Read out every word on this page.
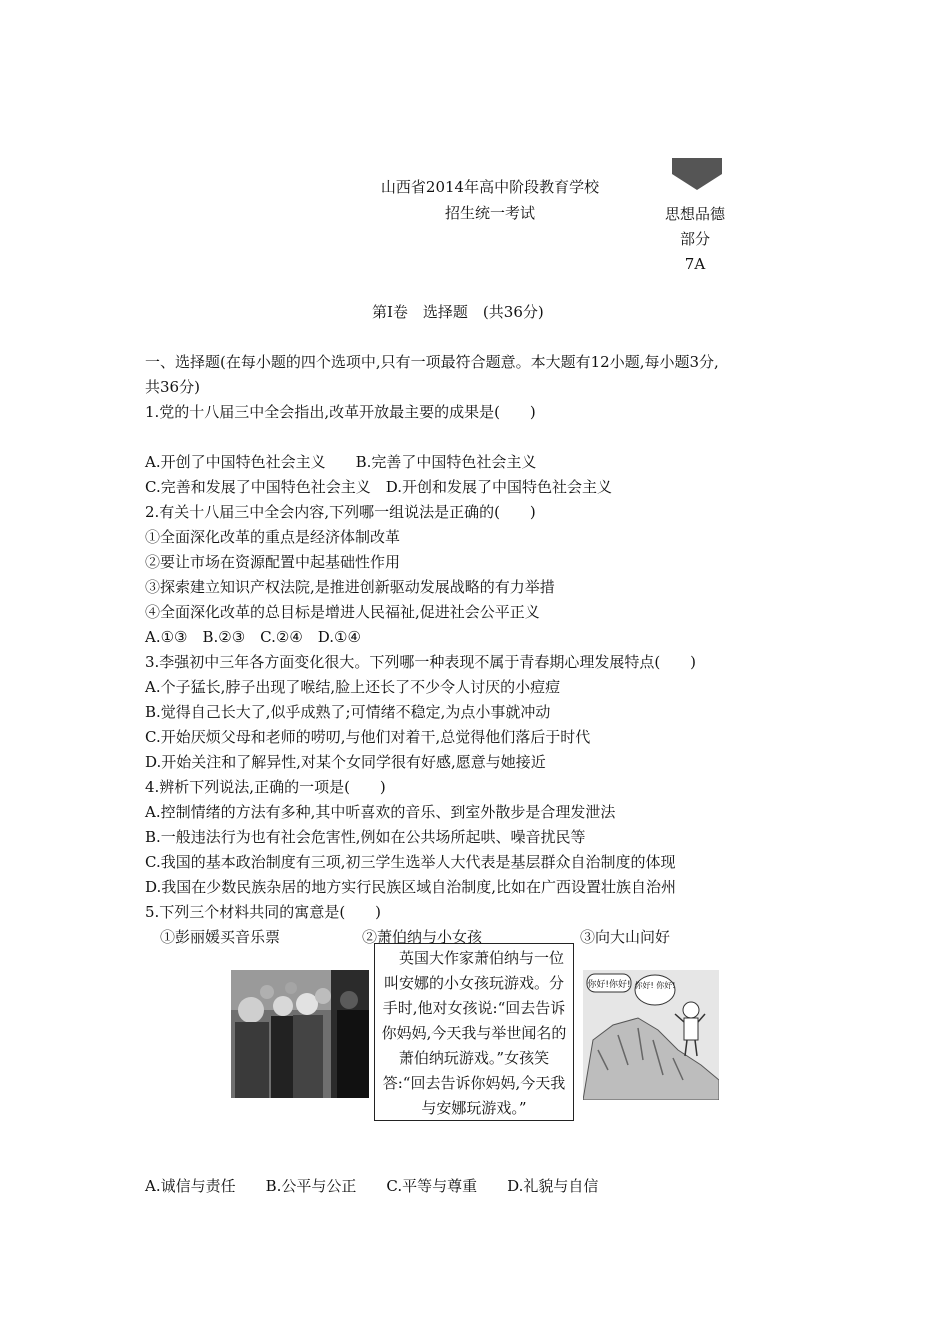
山西省2014年高中阶段教育学校
招生统一考试	思想品德
部分
7A
第Ⅰ卷　选择题　(共36分)
一、选择题(在每小题的四个选项中,只有一项最符合题意。本大题有12小题,每小题3分,
共36分)
1.党的十八届三中全会指出,改革开放最主要的成果是(　　)
A.开创了中国特色社会主义　　B.完善了中国特色社会主义
C.完善和发展了中国特色社会主义　D.开创和发展了中国特色社会主义
2.有关十八届三中全会内容,下列哪一组说法是正确的(　　)
①全面深化改革的重点是经济体制改革
②要让市场在资源配置中起基础性作用
③探索建立知识产权法院,是推进创新驱动发展战略的有力举措
④全面深化改革的总目标是增进人民福祉,促进社会公平正义
A.①③　B.②③　C.②④　D.①④
3.李强初中三年各方面变化很大。下列哪一种表现不属于青春期心理发展特点(　　)
A.个子猛长,脖子出现了喉结,脸上还长了不少令人讨厌的小痘痘
B.觉得自己长大了,似乎成熟了;可情绪不稳定,为点小事就冲动
C.开始厌烦父母和老师的唠叨,与他们对着干,总觉得他们落后于时代
D.开始关注和了解异性,对某个女同学很有好感,愿意与她接近
4.辨析下列说法,正确的一项是(　　)
A.控制情绪的方法有多种,其中听喜欢的音乐、到室外散步是合理发泄法
B.一般违法行为也有社会危害性,例如在公共场所起哄、噪音扰民等
C.我国的基本政治制度有三项,初三学生选举人大代表是基层群众自治制度的体现
D.我国在少数民族杂居的地方实行民族区域自治制度,比如在广西设置壮族自治州
5.下列三个材料共同的寓意是(　　)
①彭丽媛买音乐票	②萧伯纳与小女孩	③向大山问好
　英国大作家萧伯纳与一位叫安娜的小女孩玩游戏。分手时,他对女孩说:“回去告诉你妈妈,今天我与举世闻名的萧伯纳玩游戏。”女孩笑答:“回去告诉你妈妈,今天我与安娜玩游戏。”
你好!你好! 你好! 你好!
A.诚信与责任　　B.公平与公正　　C.平等与尊重　　D.礼貌与自信
